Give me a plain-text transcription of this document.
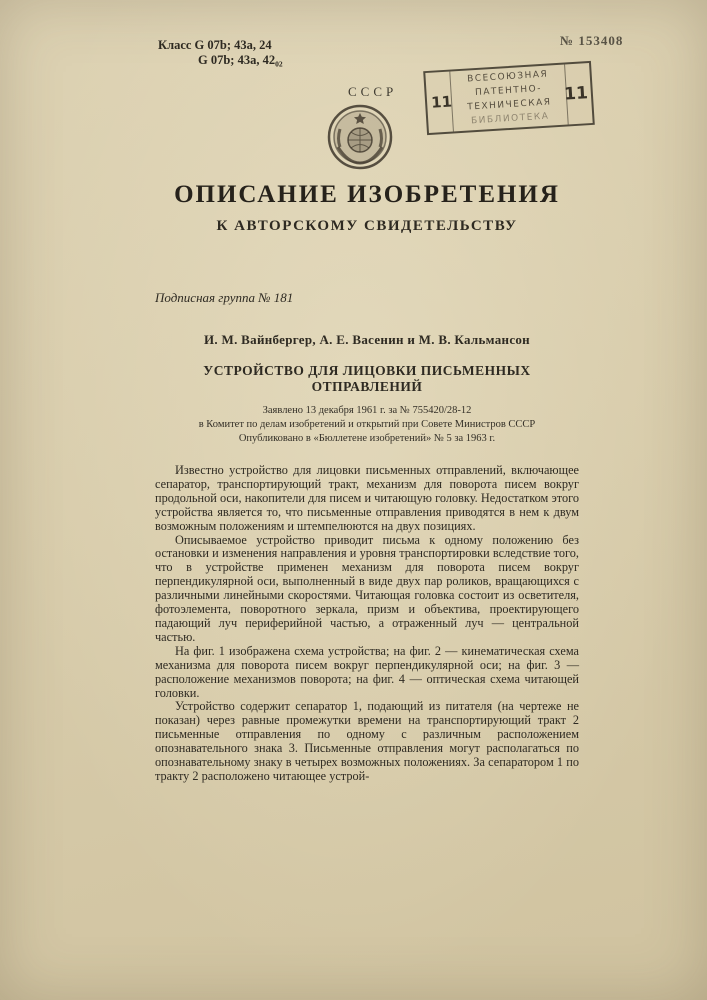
Класс G 07b; 43a, 24
G 07b; 43a, 42₀₂
№ 153408
СССР
11
ВСЕСОЮЗНАЯ
ПАТЕНТНО-
ТЕХНИЧЕСКАЯ
БИБЛИОТЕКА
11
ОПИСАНИЕ ИЗОБРЕТЕНИЯ
К АВТОРСКОМУ СВИДЕТЕЛЬСТВУ
Подписная группа № 181
И. М. Вайнбергер, А. Е. Васенин и М. В. Кальмансон
УСТРОЙСТВО ДЛЯ ЛИЦОВКИ ПИСЬМЕННЫХ ОТПРАВЛЕНИЙ
Заявлено 13 декабря 1961 г. за № 755420/28-12
в Комитет по делам изобретений и открытий при Совете Министров СССР
Опубликовано в «Бюллетене изобретений» № 5 за 1963 г.

Известно устройство для лицовки письменных отправлений, включающее сепаратор, транспортирующий тракт, механизм для поворота писем вокруг продольной оси, накопители для писем и читающую головку. Недостатком этого устройства является то, что письменные отправления приводятся в нем к двум возможным положениям и штемпелюются на двух позициях.

Описываемое устройство приводит письма к одному положению без остановки и изменения направления и уровня транспортировки вследствие того, что в устройстве применен механизм для поворота писем вокруг перпендикулярной оси, выполненный в виде двух пар роликов, вращающихся с различными линейными скоростями. Читающая головка состоит из осветителя, фотоэлемента, поворотного зеркала, призм и объектива, проектирующего падающий луч периферийной частью, а отраженный луч — центральной частью.

На фиг. 1 изображена схема устройства; на фиг. 2 — кинематическая схема механизма для поворота писем вокруг перпендикулярной оси; на фиг. 3 — расположение механизмов поворота; на фиг. 4 — оптическая схема читающей головки.

Устройство содержит сепаратор 1, подающий из питателя (на чертеже не показан) через равные промежутки времени на транспортирующий тракт 2 письменные отправления по одному с различным расположением опознавательного знака 3. Письменные отправления могут располагаться по опознавательному знаку в четырех возможных положениях. За сепаратором 1 по тракту 2 расположено читающее устрой-
